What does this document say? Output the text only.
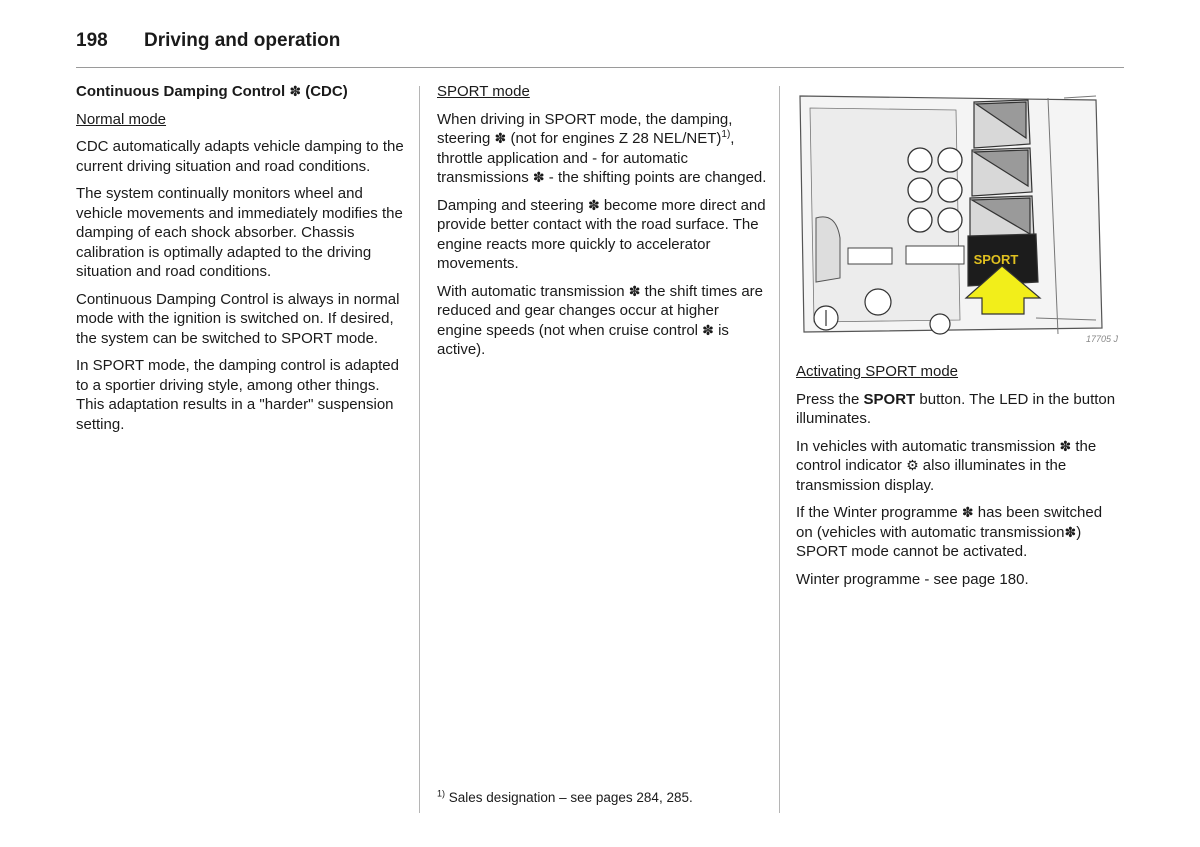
198 Driving and operation

Continuous Damping Control ✽ (CDC)

Normal mode

CDC automatically adapts vehicle damping to the current driving situation and road conditions.

The system continually monitors wheel and vehicle movements and immediately modifies the damping of each shock absorber. Chassis calibration is optimally adapted to the driving situation and road conditions.

Continuous Damping Control is always in normal mode with the ignition is switched on. If desired, the system can be switched to SPORT mode.

In SPORT mode, the damping control is adapted to a sportier driving style, among other things. This adaptation results in a "harder" suspension setting.

SPORT mode

When driving in SPORT mode, the damping, steering ✽ (not for engines Z 28 NEL/NET)$^{1)}$, throttle application and - for automatic transmissions ✽ - the shifting points are changed.

Damping and steering ✽ become more direct and provide better contact with the road surface. The engine reacts more quickly to accelerator movements.

With automatic transmission ✽ the shift times are reduced and gear changes occur at higher engine speeds (not when cruise control ✽ is active).

$^{1)}$ Sales designation – see pages 284, 285.
SPORT
17705 J

Activating SPORT mode

Press the SPORT button. The LED in the button illuminates.

In vehicles with automatic transmission ✽ the control indicator ⚙ also illuminates in the transmission display.

If the Winter programme ✽ has been switched on (vehicles with automatic transmission✽) SPORT mode cannot be activated.

Winter programme - see page 180.
